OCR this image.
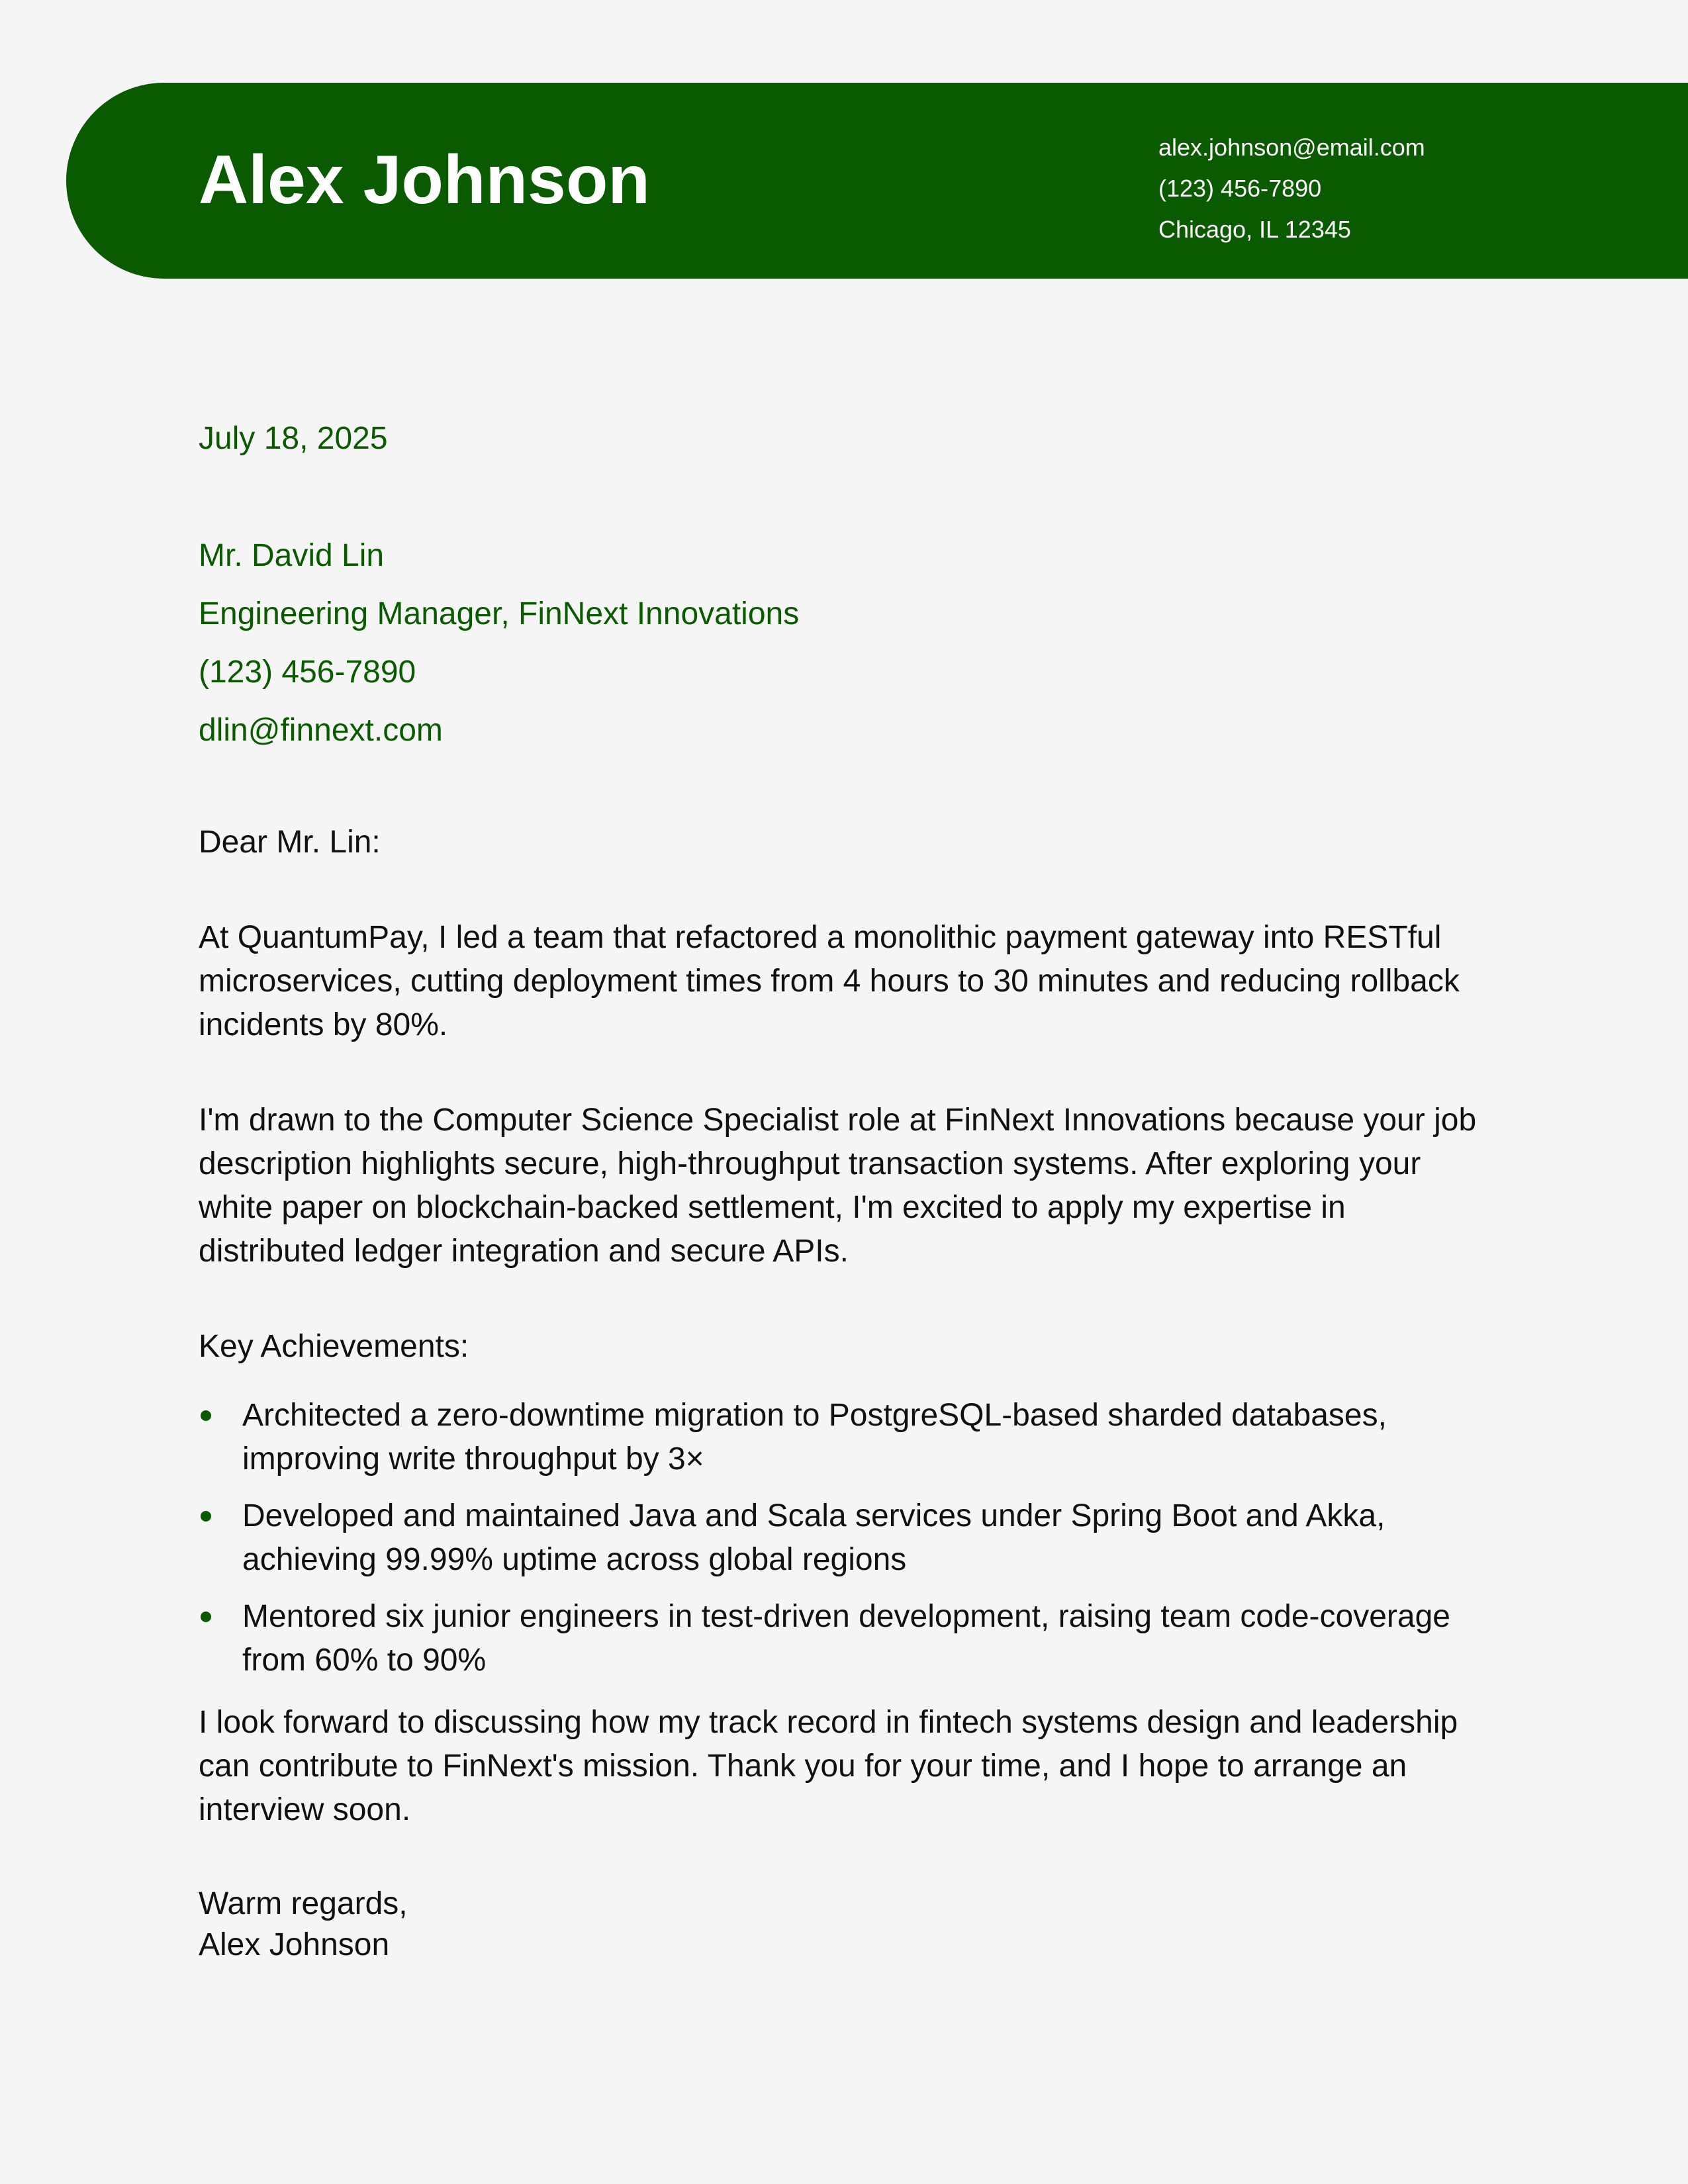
Alex Johnson	alex.johnson@email.com
(123) 456-7890
Chicago, IL 12345
July 18, 2025
Mr. David Lin
Engineering Manager, FinNext Innovations
(123) 456-7890
dlin@finnext.com
Dear Mr. Lin:

At QuantumPay, I led a team that refactored a monolithic payment gateway into RESTful microservices, cutting deployment times from 4 hours to 30 minutes and reducing rollback incidents by 80%.

I'm drawn to the Computer Science Specialist role at FinNext Innovations because your job description highlights secure, high-throughput transaction systems. After exploring your white paper on blockchain-backed settlement, I'm excited to apply my expertise in distributed ledger integration and secure APIs.

Key Achievements:
Architected a zero-downtime migration to PostgreSQL-based sharded databases, improving write throughput by 3×
Developed and maintained Java and Scala services under Spring Boot and Akka, achieving 99.99% uptime across global regions
Mentored six junior engineers in test-driven development, raising team code-coverage from 60% to 90%
I look forward to discussing how my track record in fintech systems design and leadership can contribute to FinNext's mission. Thank you for your time, and I hope to arrange an interview soon.
Warm regards,
Alex Johnson
